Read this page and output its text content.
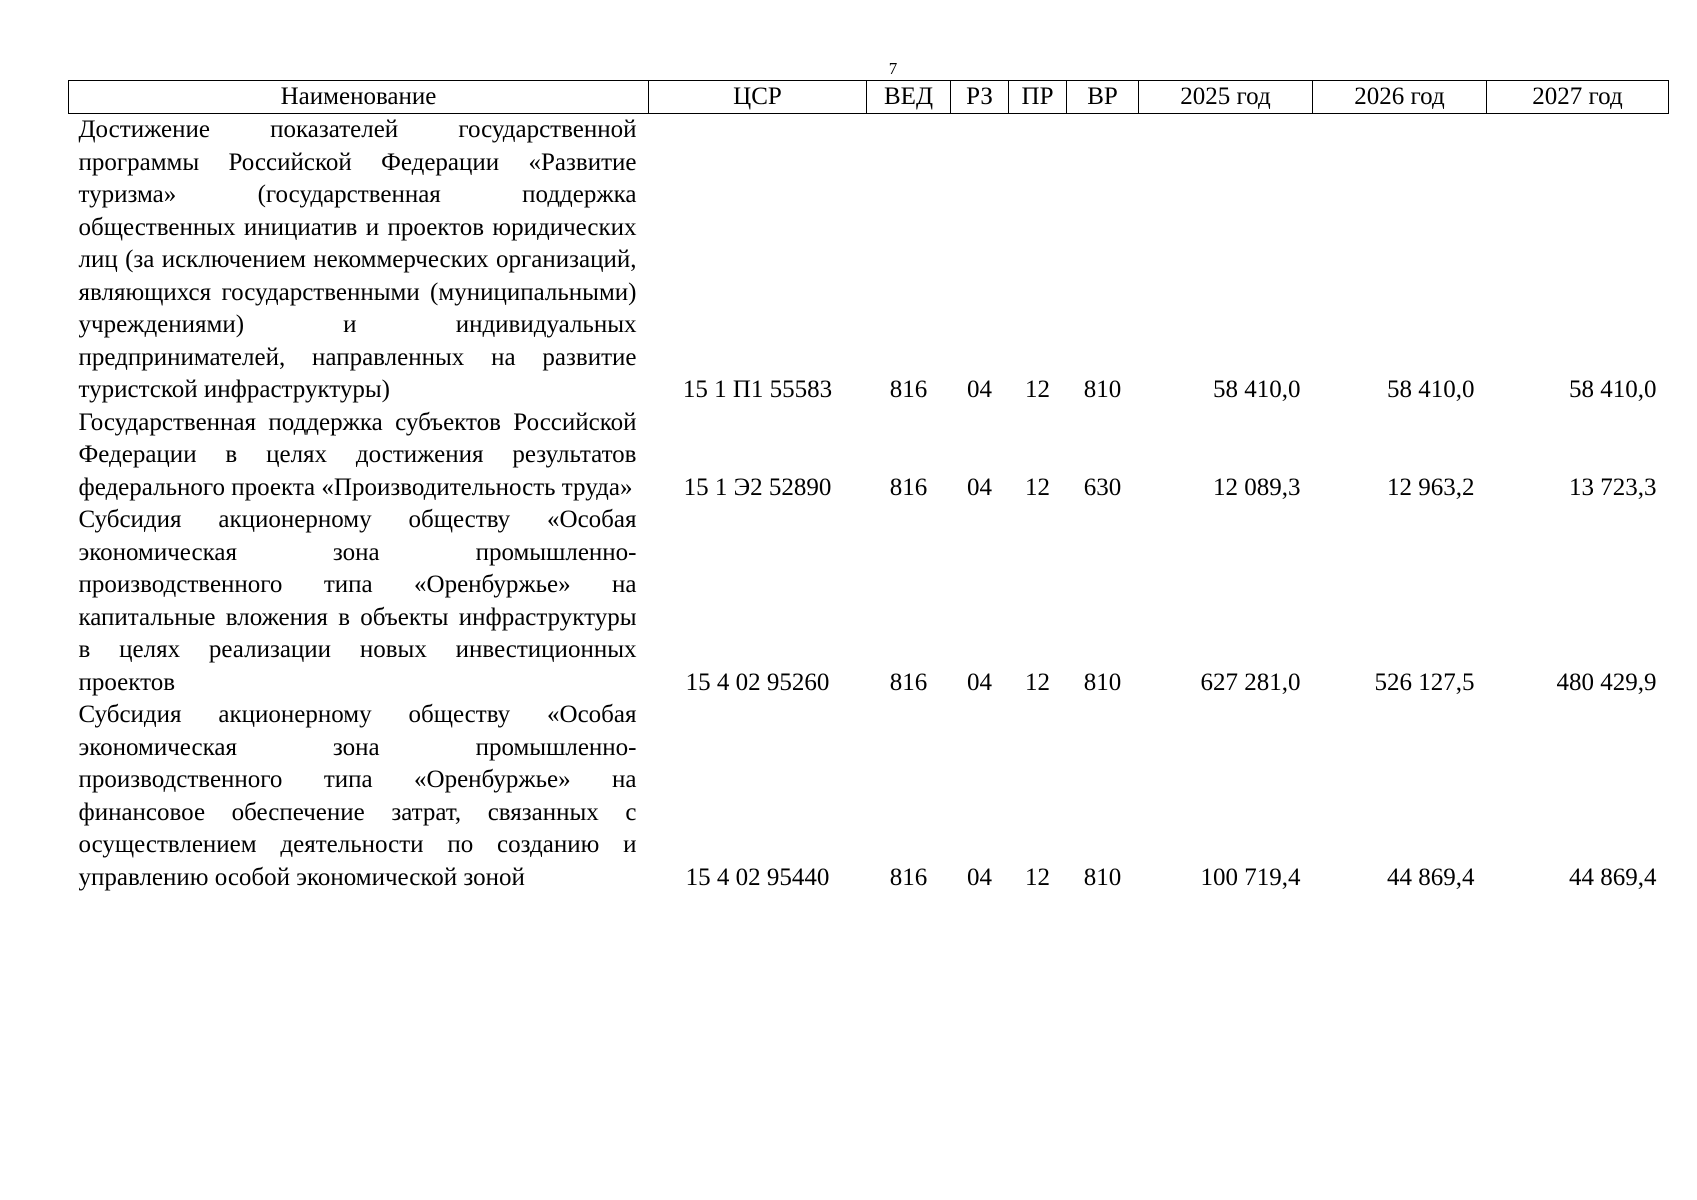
7
Наименование	ЦСР	ВЕД	РЗ	ПР	ВР	2025 год	2026 год	2027 год
Достижение показателей государственной программы Российской Федерации «Развитие туризма» (государственная поддержка общественных инициатив и проектов юридических лиц (за исключением некоммерческих организаций, являющихся государственными (муниципальными) учреждениями) и индивидуальных предпринимателей, направленных на развитие туристской инфраструктуры)	15 1 П1 55583	816	04	12	810	58 410,0	58 410,0	58 410,0
Государственная поддержка субъектов Российской Федерации в целях достижения результатов федерального проекта «Производительность труда»	15 1 Э2 52890	816	04	12	630	12 089,3	12 963,2	13 723,3
Субсидия акционерному обществу «Особая экономическая зона промышленно-производственного типа «Оренбуржье» на капитальные вложения в объекты инфраструктуры в целях реализации новых инвестиционных проектов	15 4 02 95260	816	04	12	810	627 281,0	526 127,5	480 429,9
Субсидия акционерному обществу «Особая экономическая зона промышленно-производственного типа «Оренбуржье» на финансовое обеспечение затрат, связанных с осуществлением деятельности по созданию и управлению особой экономической зоной	15 4 02 95440	816	04	12	810	100 719,4	44 869,4	44 869,4
